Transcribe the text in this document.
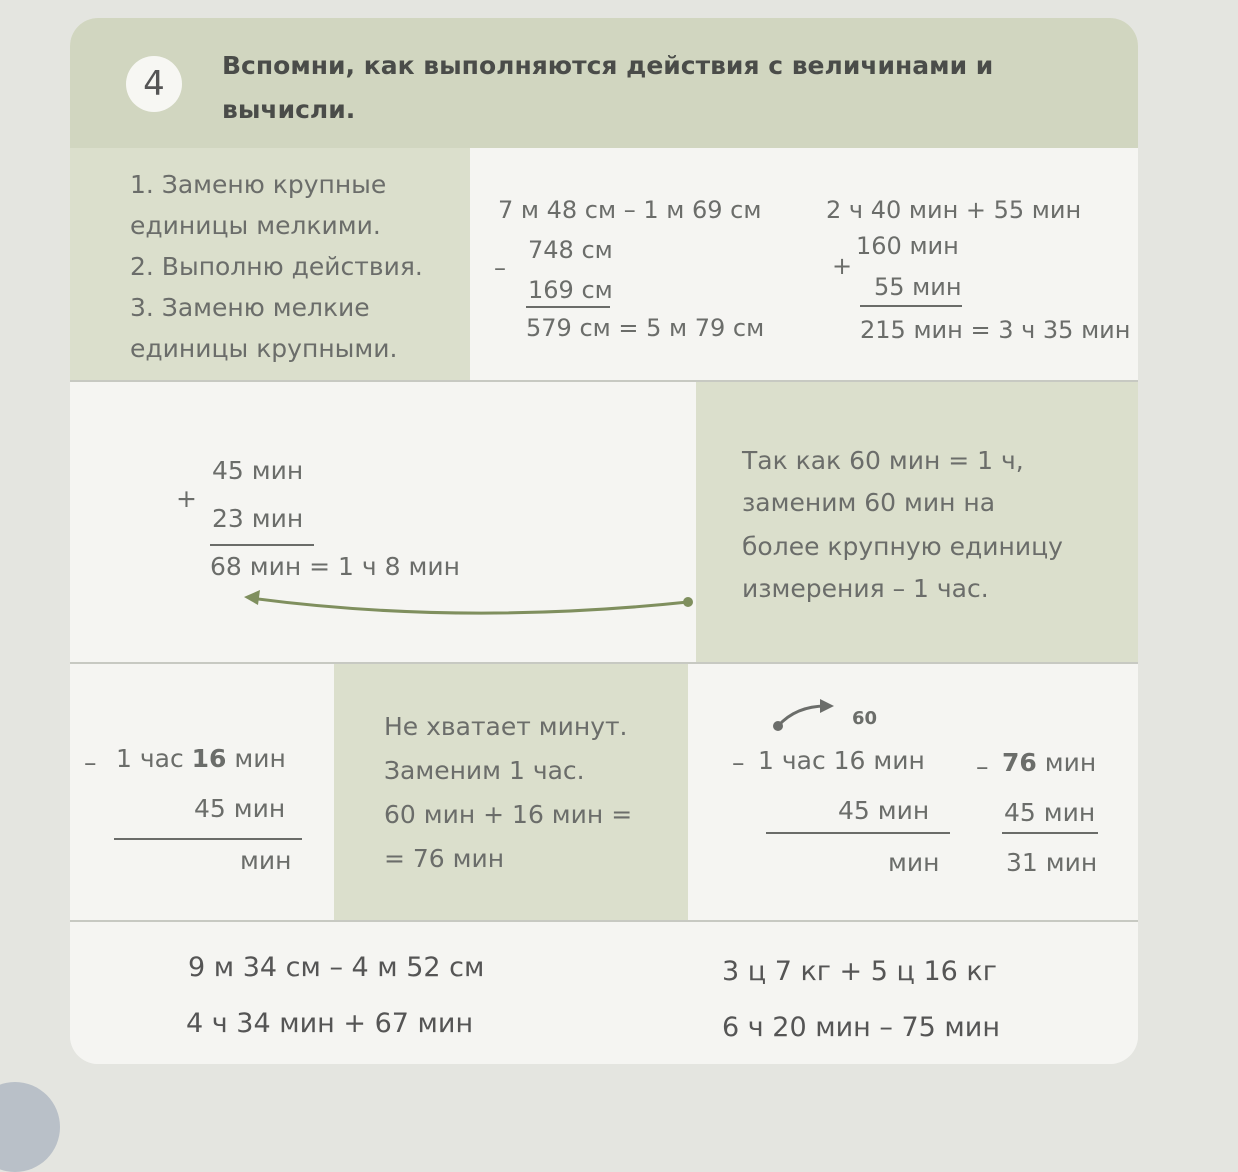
4	Вспомни, как выполняются действия с величинами и вычисли.
1. Заменю крупные
единицы мелкими.
2. Выполню действия.
3. Заменю мелкие
единицы крупными.
7 м 48 см – 1 м 69 см
–
748 см
169 см
579 см = 5 м 79 см
2 ч 40 мин + 55 мин
+
160 мин
55 мин
215 мин = 3 ч 35 мин
+
45 мин
23 мин
68 мин = 1 ч 8 мин
Так как 60 мин = 1 ч,
заменим 60 мин на
более крупную единицу
измерения – 1 час.
– 1 час 16 мин
45 мин
мин
Не хватает минут.
Заменим 1 час.
60 мин + 16 мин =
= 76 мин
60
– 1 час 16 мин
45 мин
мин
– 76 мин
45 мин
31 мин
9 м 34 см – 4 м 52 см
4 ч 34 мин + 67 мин
3 ц 7 кг + 5 ц 16 кг
6 ч 20 мин – 75 мин
